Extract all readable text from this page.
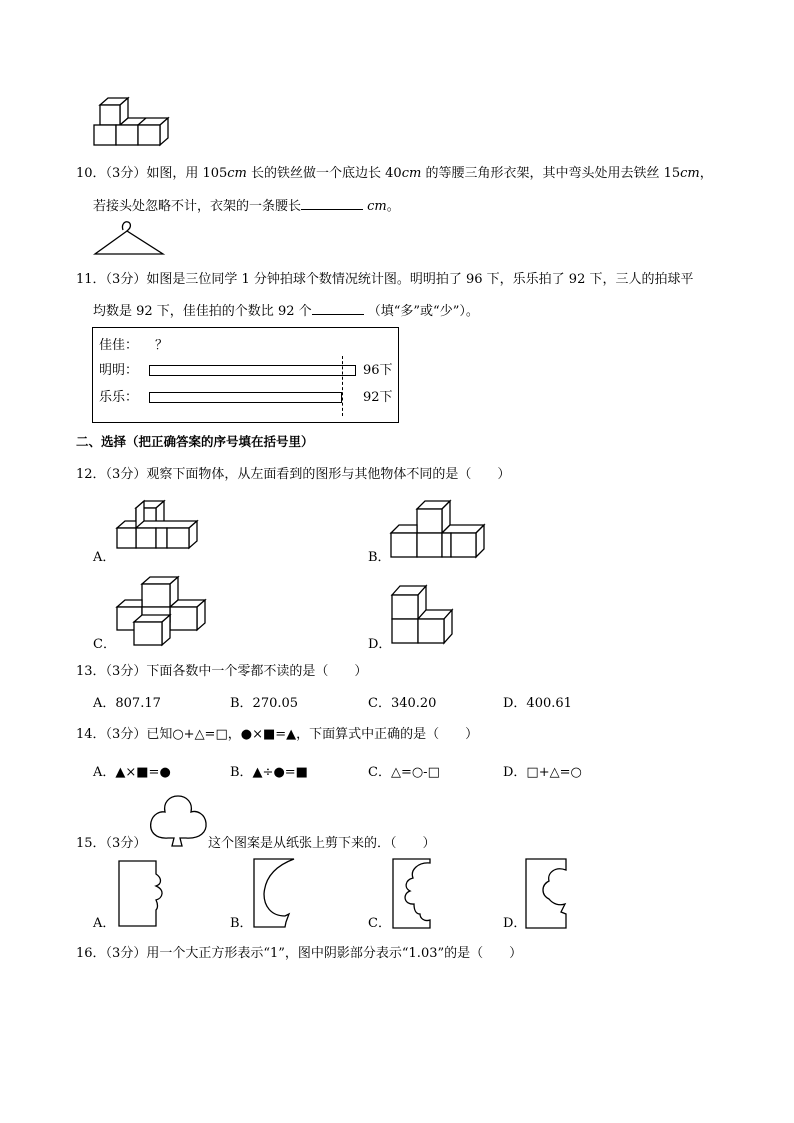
10．（3分）如图，用 105cm 长的铁丝做一个底边长 40cm 的等腰三角形衣架，其中弯头处用去铁丝 15cm，
若接头处忽略不计，衣架的一条腰长	cm。
11．（3分）如图是三位同学 1 分钟拍球个数情况统计图。明明拍了 96 下，乐乐拍了 92 下，三人的拍球平
均数是 92 下，佳佳拍的个数比 92 个	（填“多”或“少”）。
佳佳： ？
明明：	96下
乐乐：	92下
二、选择（把正确答案的序号填在括号里）
12．（3分）观察下面物体，从左面看到的图形与其他物体不同的是（　　）
A．	B．
C．	D．
13．（3分）下面各数中一个零都不读的是（　　）
A．807.17	B．270.05	C．340.20	D．400.61
14．（3分）已知○+△=□，●×■=▲，下面算式中正确的是（　　）
A．▲×■=●	B．▲÷●=■	C．△=○-□	D．□+△=○
15．（3分）	这个图案是从纸张上剪下来的．（　　）
A．	B．	C．	D．
16．（3分）用一个大正方形表示“1”，图中阴影部分表示“1.03”的是（　　）
